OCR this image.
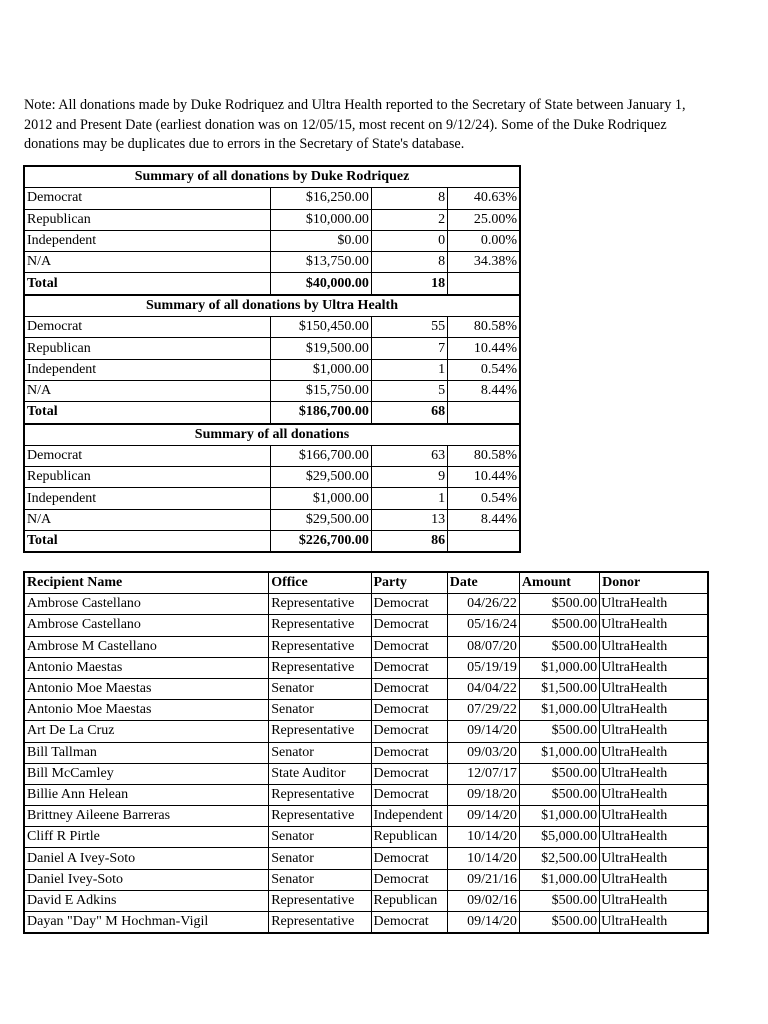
Note: All donations made by Duke Rodriquez and Ultra Health reported to the Secretary of State between January 1, 2012 and Present Date (earliest donation was on 12/05/15, most recent on 9/12/24). Some of the Duke Rodriquez donations may be duplicates due to errors in the Secretary of State's database.

Summary of all donations by Duke Rodriquez			
Democrat	$16,250.00	8	40.63%
Republican	$10,000.00	2	25.00%
Independent	$0.00	0	0.00%
N/A	$13,750.00	8	34.38%
Total	$40,000.00	18	
Summary of all donations by Ultra Health			
Democrat	$150,450.00	55	80.58%
Republican	$19,500.00	7	10.44%
Independent	$1,000.00	1	0.54%
N/A	$15,750.00	5	8.44%
Total	$186,700.00	68	
Summary of all donations			
Democrat	$166,700.00	63	80.58%
Republican	$29,500.00	9	10.44%
Independent	$1,000.00	1	0.54%
N/A	$29,500.00	13	8.44%
Total	$226,700.00	86	
Recipient Name	Office	Party	Date	Amount	Donor
Ambrose Castellano	Representative	Democrat	04/26/22	$500.00	UltraHealth
Ambrose Castellano	Representative	Democrat	05/16/24	$500.00	UltraHealth
Ambrose M Castellano	Representative	Democrat	08/07/20	$500.00	UltraHealth
Antonio Maestas	Representative	Democrat	05/19/19	$1,000.00	UltraHealth
Antonio Moe Maestas	Senator	Democrat	04/04/22	$1,500.00	UltraHealth
Antonio Moe Maestas	Senator	Democrat	07/29/22	$1,000.00	UltraHealth
Art De La Cruz	Representative	Democrat	09/14/20	$500.00	UltraHealth
Bill Tallman	Senator	Democrat	09/03/20	$1,000.00	UltraHealth
Bill McCamley	State Auditor	Democrat	12/07/17	$500.00	UltraHealth
Billie Ann Helean	Representative	Democrat	09/18/20	$500.00	UltraHealth
Brittney Aileene Barreras	Representative	Independent	09/14/20	$1,000.00	UltraHealth
Cliff R Pirtle	Senator	Republican	10/14/20	$5,000.00	UltraHealth
Daniel A Ivey-Soto	Senator	Democrat	10/14/20	$2,500.00	UltraHealth
Daniel Ivey-Soto	Senator	Democrat	09/21/16	$1,000.00	UltraHealth
David E Adkins	Representative	Republican	09/02/16	$500.00	UltraHealth
Dayan "Day" M Hochman-Vigil	Representative	Democrat	09/14/20	$500.00	UltraHealth
